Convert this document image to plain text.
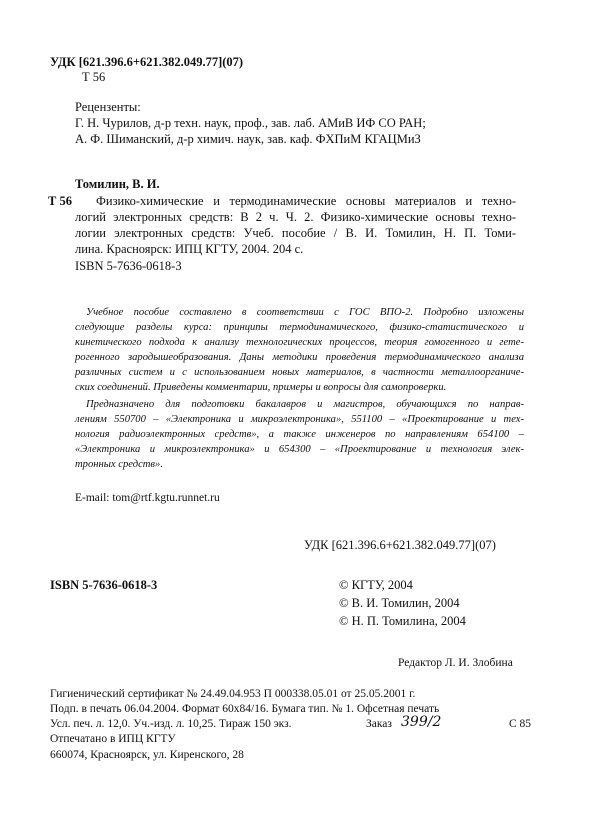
УДК [621.396.6+621.382.049.77](07)
Т 56
Рецензенты:
Г. Н. Чурилов, д-р техн. наук, проф., зав. лаб. АМиВ ИФ СО РАН;
А. Ф. Шиманский, д-р химич. наук, зав. каф. ФХПиМ КГАЦМиЗ
Томилин, В. И.
Т 56 Физико-химические и термодинамические основы материалов и техно-
логий электронных средств: В 2 ч. Ч. 2. Физико-химические основы техно-
логии электронных средств: Учеб. пособие / В. И. Томилин, Н. П. Томи-
лина. Красноярск: ИПЦ КГТУ, 2004. 204 с.
ISBN 5-7636-0618-3
Учебное пособие составлено в соответствии с ГОС ВПО-2. Подробно изложены
следующие разделы курса: принципы термодинамического, физико-статистического и
кинетического подхода к анализу технологических процессов, теория гомогенного и гете-
рогенного зародышеобразования. Даны методики проведения термодинамического анализа
различных систем и с использованием новых материалов, в частности металлоорганиче-
ских соединений. Приведены комментарии, примеры и вопросы для самопроверки.
Предназначено для подготовки бакалавров и магистров, обучающихся по направ-
лениям 550700 – «Электроника и микроэлектроника», 551100 – «Проектирование и тех-
нология радиоэлектронных средств», а также инженеров по направлениям 654100 –
«Электроника и микроэлектроника» и 654300 – «Проектирование и технология элек-
тронных средств».
E-mail: tom@rtf.kgtu.runnet.ru
УДК [621.396.6+621.382.049.77](07)
ISBN 5-7636-0618-3	© КГТУ, 2004
© В. И. Томилин, 2004
© Н. П. Томилина, 2004
Редактор Л. И. Злобина
Гигиенический сертификат № 24.49.04.953 П 000338.05.01 от 25.05.2001 г.
Подп. в печать 06.04.2004. Формат 60x84/16. Бумага тип. № 1. Офсетная печать
Усл. печ. л. 12,0. Уч.-изд. л. 10,25. Тираж 150 экз.	Заказ 399/2	С 85
Отпечатано в ИПЦ КГТУ
660074, Красноярск, ул. Киренского, 28
